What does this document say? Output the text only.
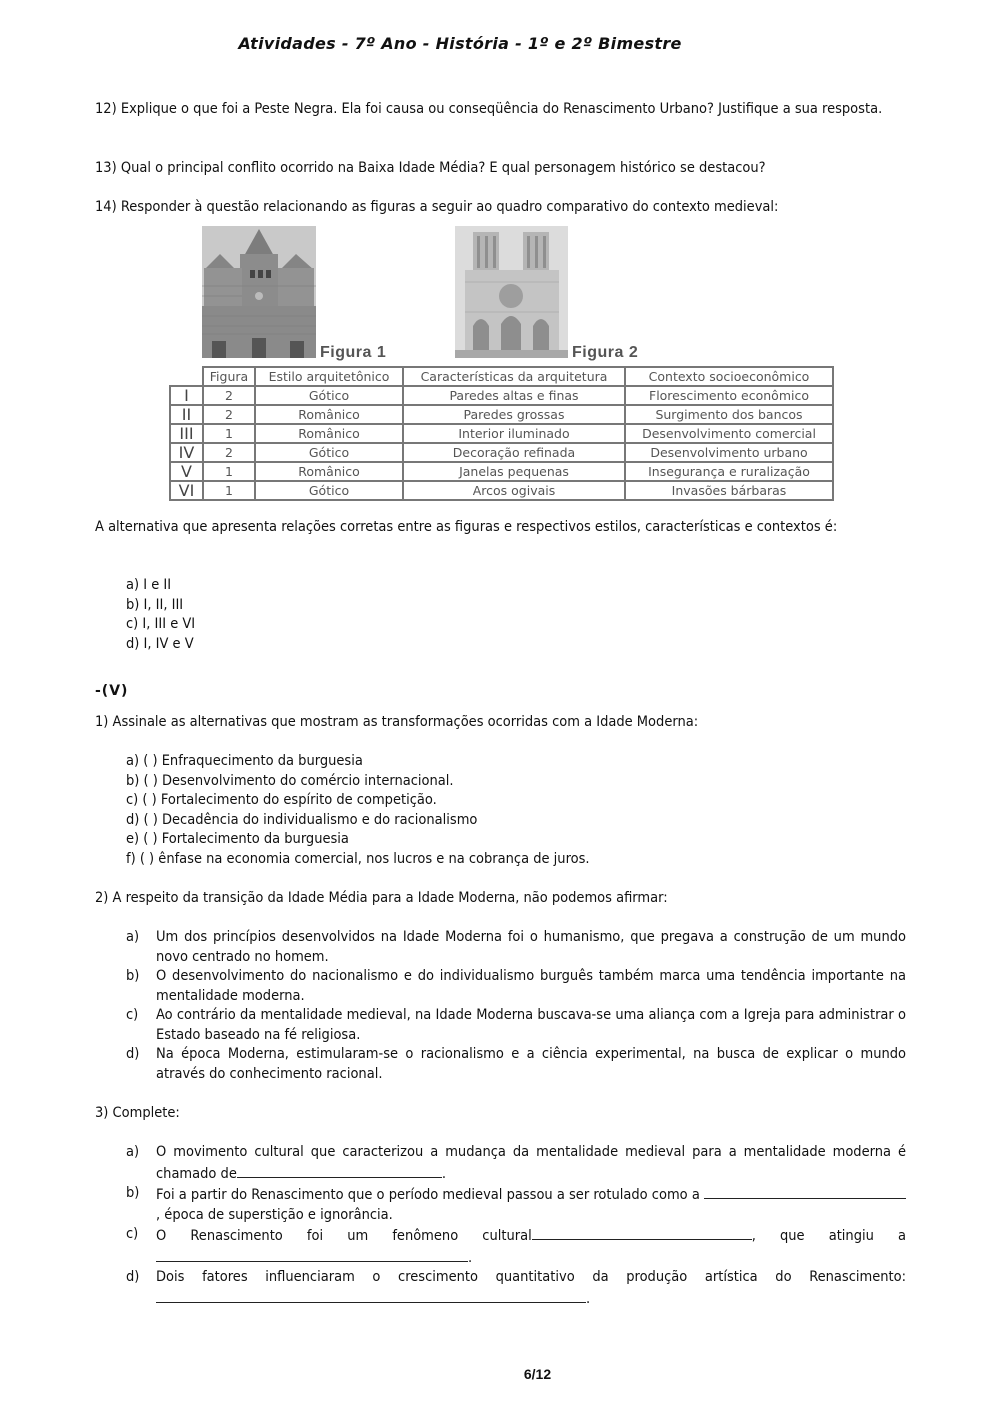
Atividades - 7º Ano - História - 1º e 2º Bimestre
12) Explique o que foi a Peste Negra. Ela foi causa ou conseqüência do Renascimento Urbano? Justifique a sua resposta.
13) Qual o principal conflito ocorrido na Baixa Idade Média? E qual personagem histórico se destacou?
14) Responder à questão relacionando as figuras a seguir ao quadro comparativo do contexto medieval:
Figura 1	Figura 2
	Figura	Estilo arquitetônico	Características da arquitetura	Contexto socioeconômico
I	2	Gótico	Paredes altas e finas	Florescimento econômico
II	2	Românico	Paredes grossas	Surgimento dos bancos
III	1	Românico	Interior iluminado	Desenvolvimento comercial
IV	2	Gótico	Decoração refinada	Desenvolvimento urbano
V	1	Românico	Janelas pequenas	Insegurança e ruralização
VI	1	Gótico	Arcos ogivais	Invasões bárbaras
A alternativa que apresenta relações corretas entre as figuras e respectivos estilos, características e contextos é:
a) I e II
b) I, II, III
c) I, III e VI
d) I, IV e V
-(V)
1) Assinale as alternativas que mostram as transformações ocorridas com a Idade Moderna:
a) ( ) Enfraquecimento da burguesia
b) ( ) Desenvolvimento do comércio internacional.
c) ( ) Fortalecimento do espírito de competição.
d) ( ) Decadência do individualismo e do racionalismo
e) ( ) Fortalecimento da burguesia
f) ( ) ênfase na economia comercial, nos lucros e na cobrança de juros.
2) A respeito da transição da Idade Média para a Idade Moderna, não podemos afirmar:
a)	Um dos princípios desenvolvidos na Idade Moderna foi o humanismo, que pregava a construção de um mundo novo centrado no homem.
b)	O desenvolvimento do nacionalismo e do individualismo burguês também marca uma tendência importante na mentalidade moderna.
c)	Ao contrário da mentalidade medieval, na Idade Moderna buscava-se uma aliança com a Igreja para administrar o Estado baseado na fé religiosa.
d)	Na época Moderna, estimularam-se o racionalismo e a ciência experimental, na busca de explicar o mundo através do conhecimento racional.
3) Complete:
a)	O movimento cultural que caracterizou a mudança da mentalidade medieval para a mentalidade moderna é chamado de	.
b)	Foi a partir do Renascimento que o período medieval passou a ser rotulado como a , época de superstição e ignorância.
c)	O Renascimento foi um fenômeno cultural	, que atingiu a.
d)	Dois fatores influenciaram o crescimento quantitativo da produção artística do Renascimento:.
6/12
